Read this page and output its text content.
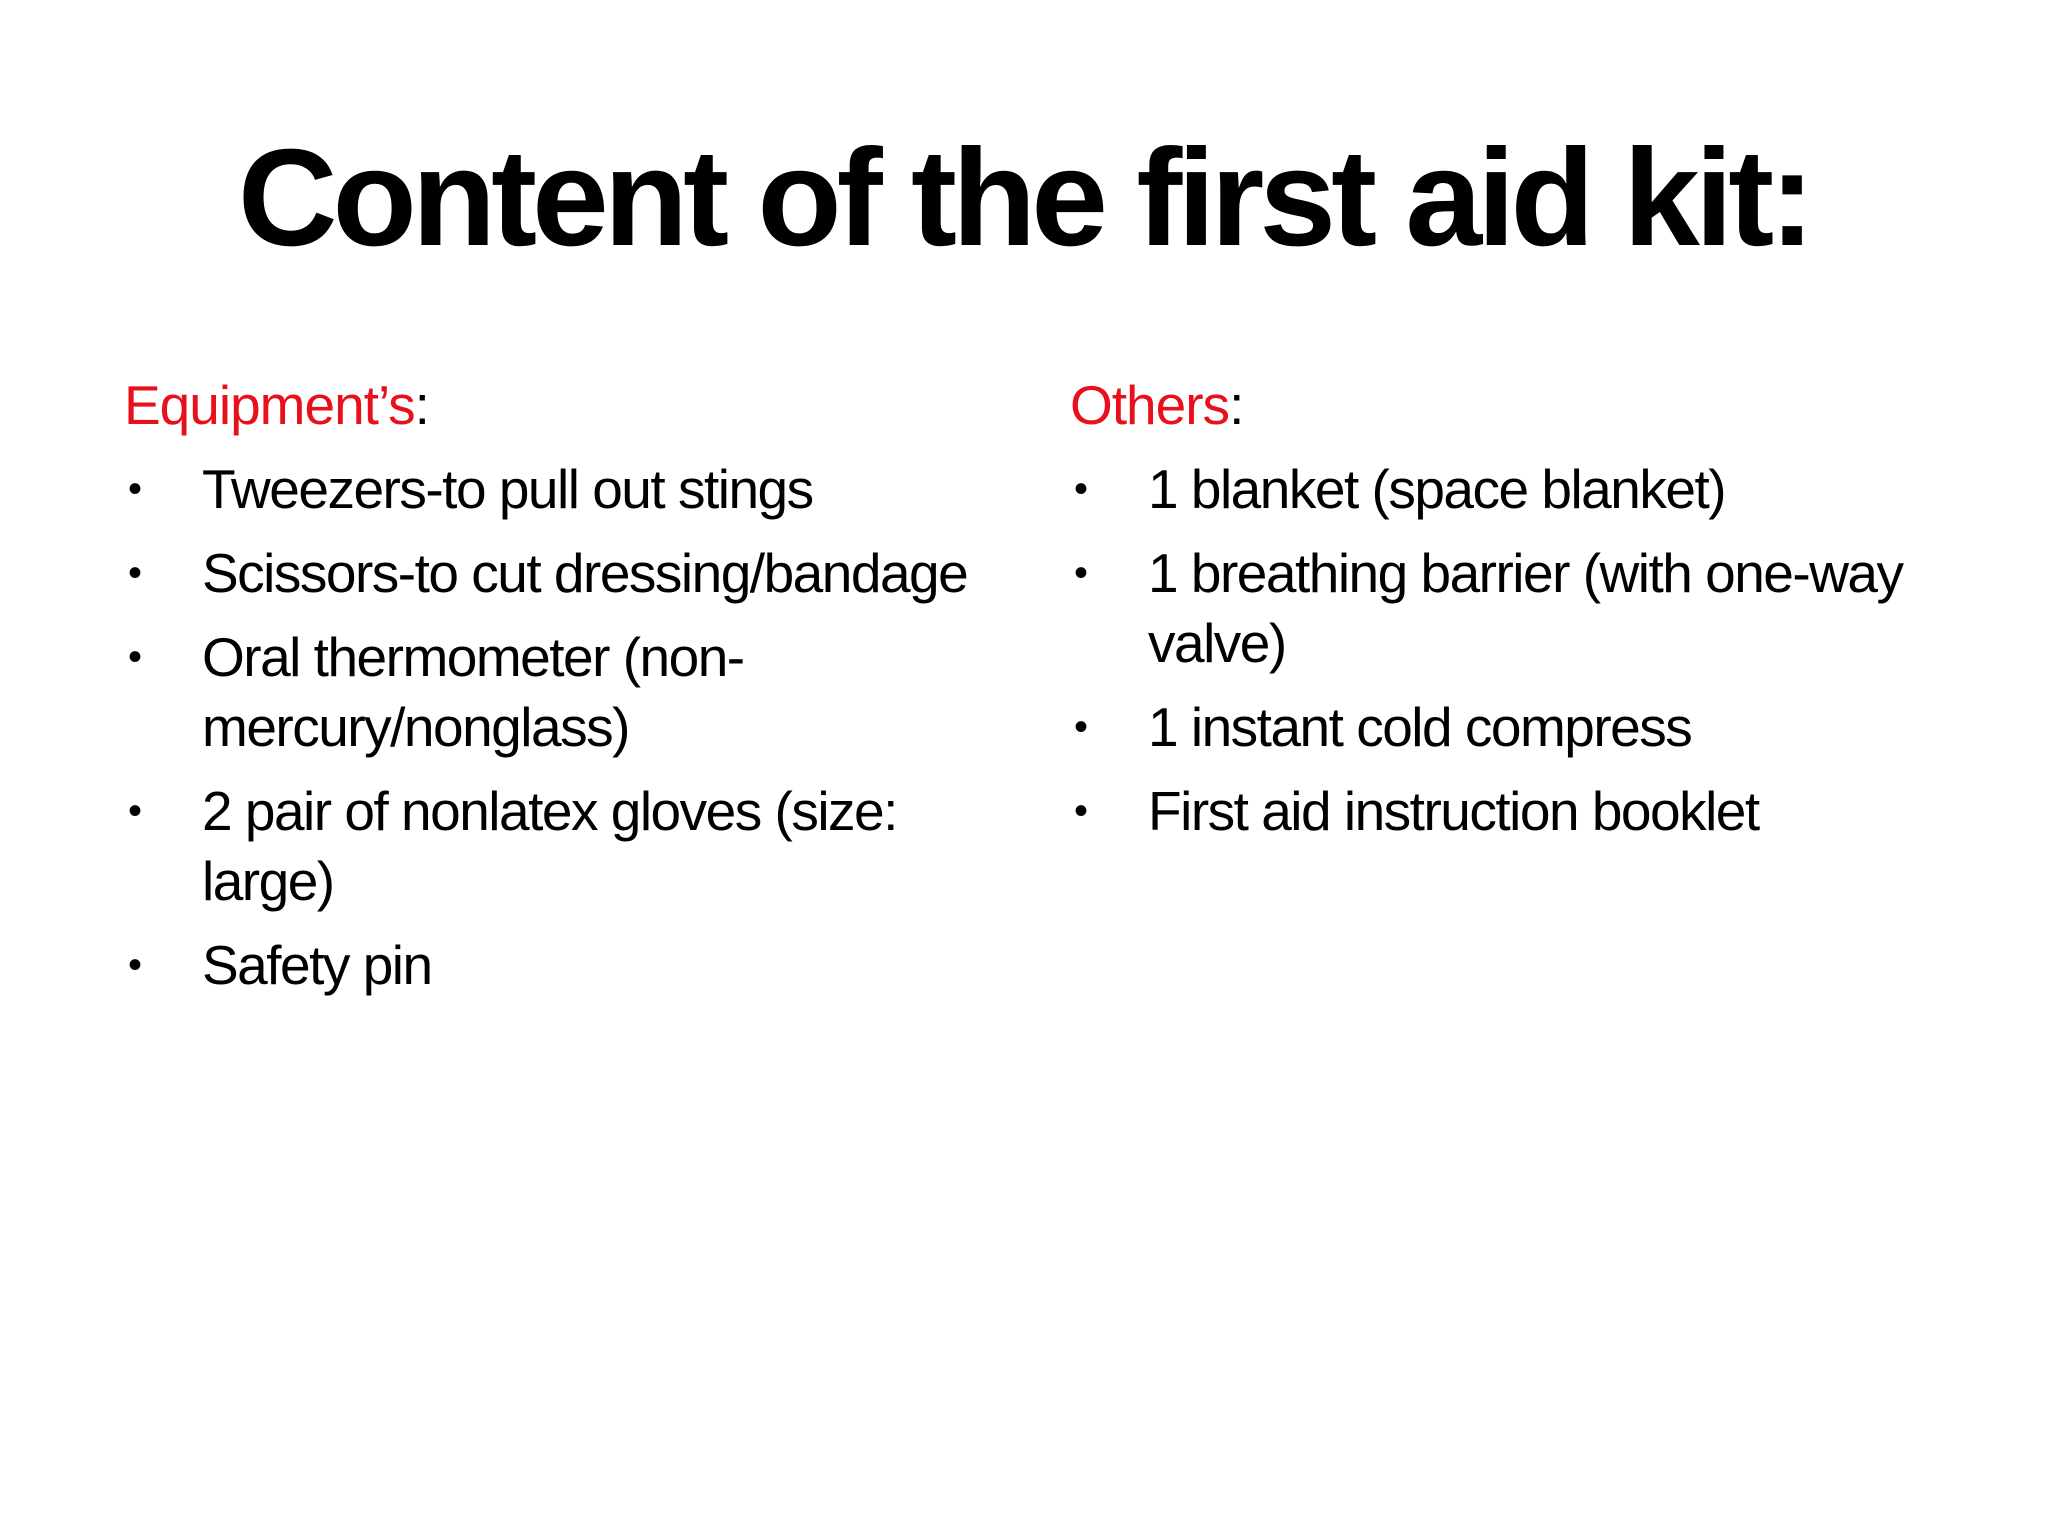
Content of the first aid kit:

Equipment’s:

• Tweezers-to pull out stings
• Scissors-to cut dressing/bandage
• Oral thermometer (non-mercury/nonglass)
• 2 pair of nonlatex gloves (size: large)
• Safety pin

Others:

• 1 blanket (space blanket)
• 1 breathing barrier (with one-way valve)
• 1 instant cold compress
• First aid instruction booklet
